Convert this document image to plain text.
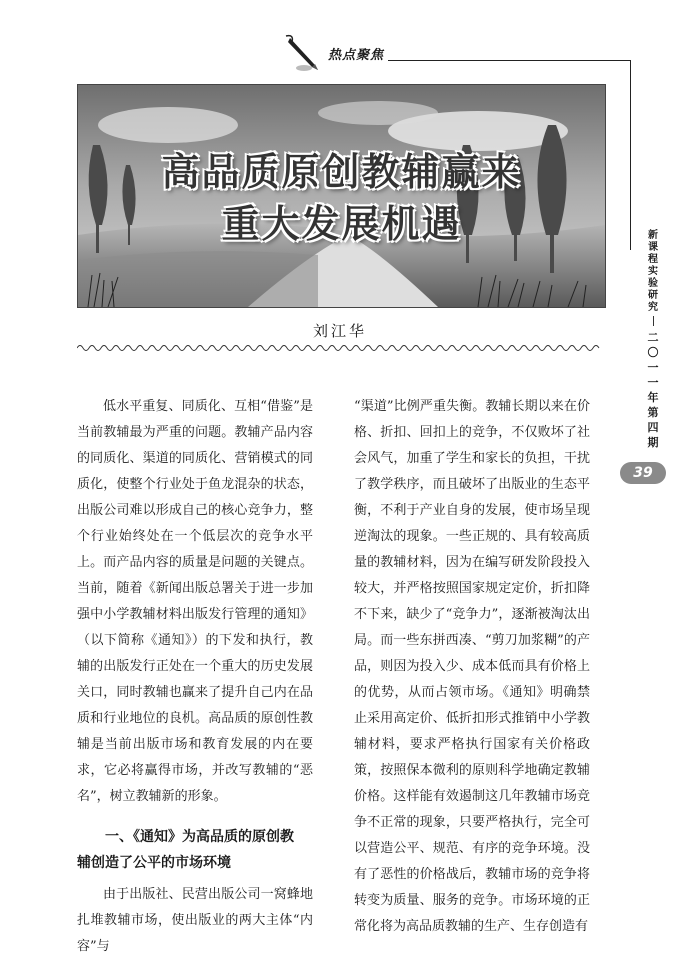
热点聚焦
高品质原创教辅赢来
重大发展机遇
刘江华

低水平重复、同质化、互相“借鉴”是当前教辅最为严重的问题。教辅产品内容的同质化、渠道的同质化、营销模式的同质化，使整个行业处于鱼龙混杂的状态，出版公司难以形成自己的核心竞争力，整个行业始终处在一个低层次的竞争水平上。而产品内容的质量是问题的关键点。当前，随着《新闻出版总署关于进一步加强中小学教辅材料出版发行管理的通知》（以下简称《通知》）的下发和执行，教辅的出版发行正处在一个重大的历史发展关口，同时教辅也赢来了提升自己内在品质和行业地位的良机。高品质的原创性教辅是当前出版市场和教育发展的内在要求，它必将赢得市场，并改写教辅的“恶名”，树立教辅新的形象。

一、《通知》为高品质的原创教
辅创造了公平的市场环境

由于出版社、民营出版公司一窝蜂地扎堆教辅市场，使出版业的两大主体“内容”与

“渠道”比例严重失衡。教辅长期以来在价格、折扣、回扣上的竞争，不仅败坏了社会风气，加重了学生和家长的负担，干扰了教学秩序，而且破坏了出版业的生态平衡，不利于产业自身的发展，使市场呈现逆淘汰的现象。一些正规的、具有较高质量的教辅材料，因为在编写研发阶段投入较大，并严格按照国家规定定价，折扣降不下来，缺少了“竞争力”，逐渐被淘汰出局。而一些东拼西凑、“剪刀加浆糊”的产品，则因为投入少、成本低而具有价格上的优势，从而占领市场。《通知》明确禁止采用高定价、低折扣形式推销中小学教辅材料，要求严格执行国家有关价格政策，按照保本微利的原则科学地确定教辅价格。这样能有效遏制这几年教辅市场竞争不正常的现象，只要严格执行，完全可以营造公平、规范、有序的竞争环境。没有了恶性的价格战后，教辅市场的竞争将转变为质量、服务的竞争。市场环境的正常化将为高品质教辅的生产、生存创造有

新
课
程
实
验
研
究
二
〇
一
一
年
第
四
期
39
